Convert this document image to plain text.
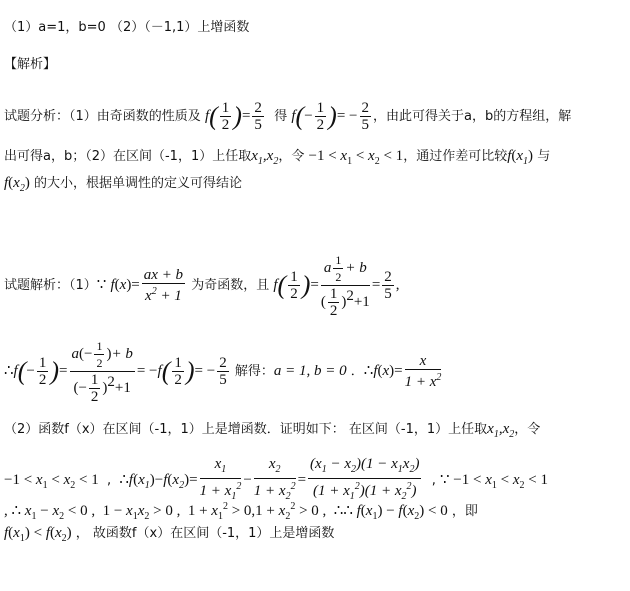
（1）a=1，b=0 （2）（－1,1）上增函数
【解析】
试题分析：（1）由奇函数的性质及 $f( \frac{1}{2}$ )= $\frac{2}{5}$ 得 $f(- \frac{1}{2}$ )= − $\frac{2}{5}$ ，由此可得关于a，b的方程组，解
出可得a，b；（2）在区间（-1，1）上任取$x_1,x_2$，令 $-1 < x_1 < x_2 < 1$，通过作差可比较$f(x_1)$ 与
$f(x_2)$ 的大小，根据单调性的定义可得结论
试题解析：（1）∵ $f(x)= \frac{ax + b}{x^2 + 1}$ 为奇函数，且 $f( \frac{1}{2}$ )= $\frac{a \frac{1}{2} + b}{( \frac{1}{2} )^2+1} = \frac{2}{5}$ ,
∴f(− $\frac{1}{2}$ )= $\frac{a(- \frac{1}{2} )+ b}{(- \frac{1}{2} )^2+1} = -f( \frac{1}{2}$ )= − $\frac{2}{5}$ 解得：a = 1, b = 0 ．∴f(x)= $\frac{x}{1 + x^2}$
（2）函数f（x）在区间（-1，1）上是增函数．证明如下： 在区间（-1，1）上任取$x_1,x_2$，令
$-1 < x_1 < x_2 < 1$  ,  $\therefore f(x_1)-f(x_2)= \frac{x_1}{1 + x_1^2} - \frac{x_2}{1 + x_2^2} = \frac{(x_1 - x_2)(1 - x_1x_2)}{(1 + x_1^2)(1 + x_2^2)}$ , ∵ $-1 < x_1 < x_2 < 1$
, ∴ $x_1 - x_2 < 0$ ,  $1 - x_1x_2 > 0$ ,  $1 + x_1^2 > 0,1 + x_2^2 > 0$ ,  ∴∴ $f(x_1) - f(x_2) < 0$ ，即
$f(x_1) < f(x_2)$ ， 故函数f（x）在区间（-1，1）上是增函数
